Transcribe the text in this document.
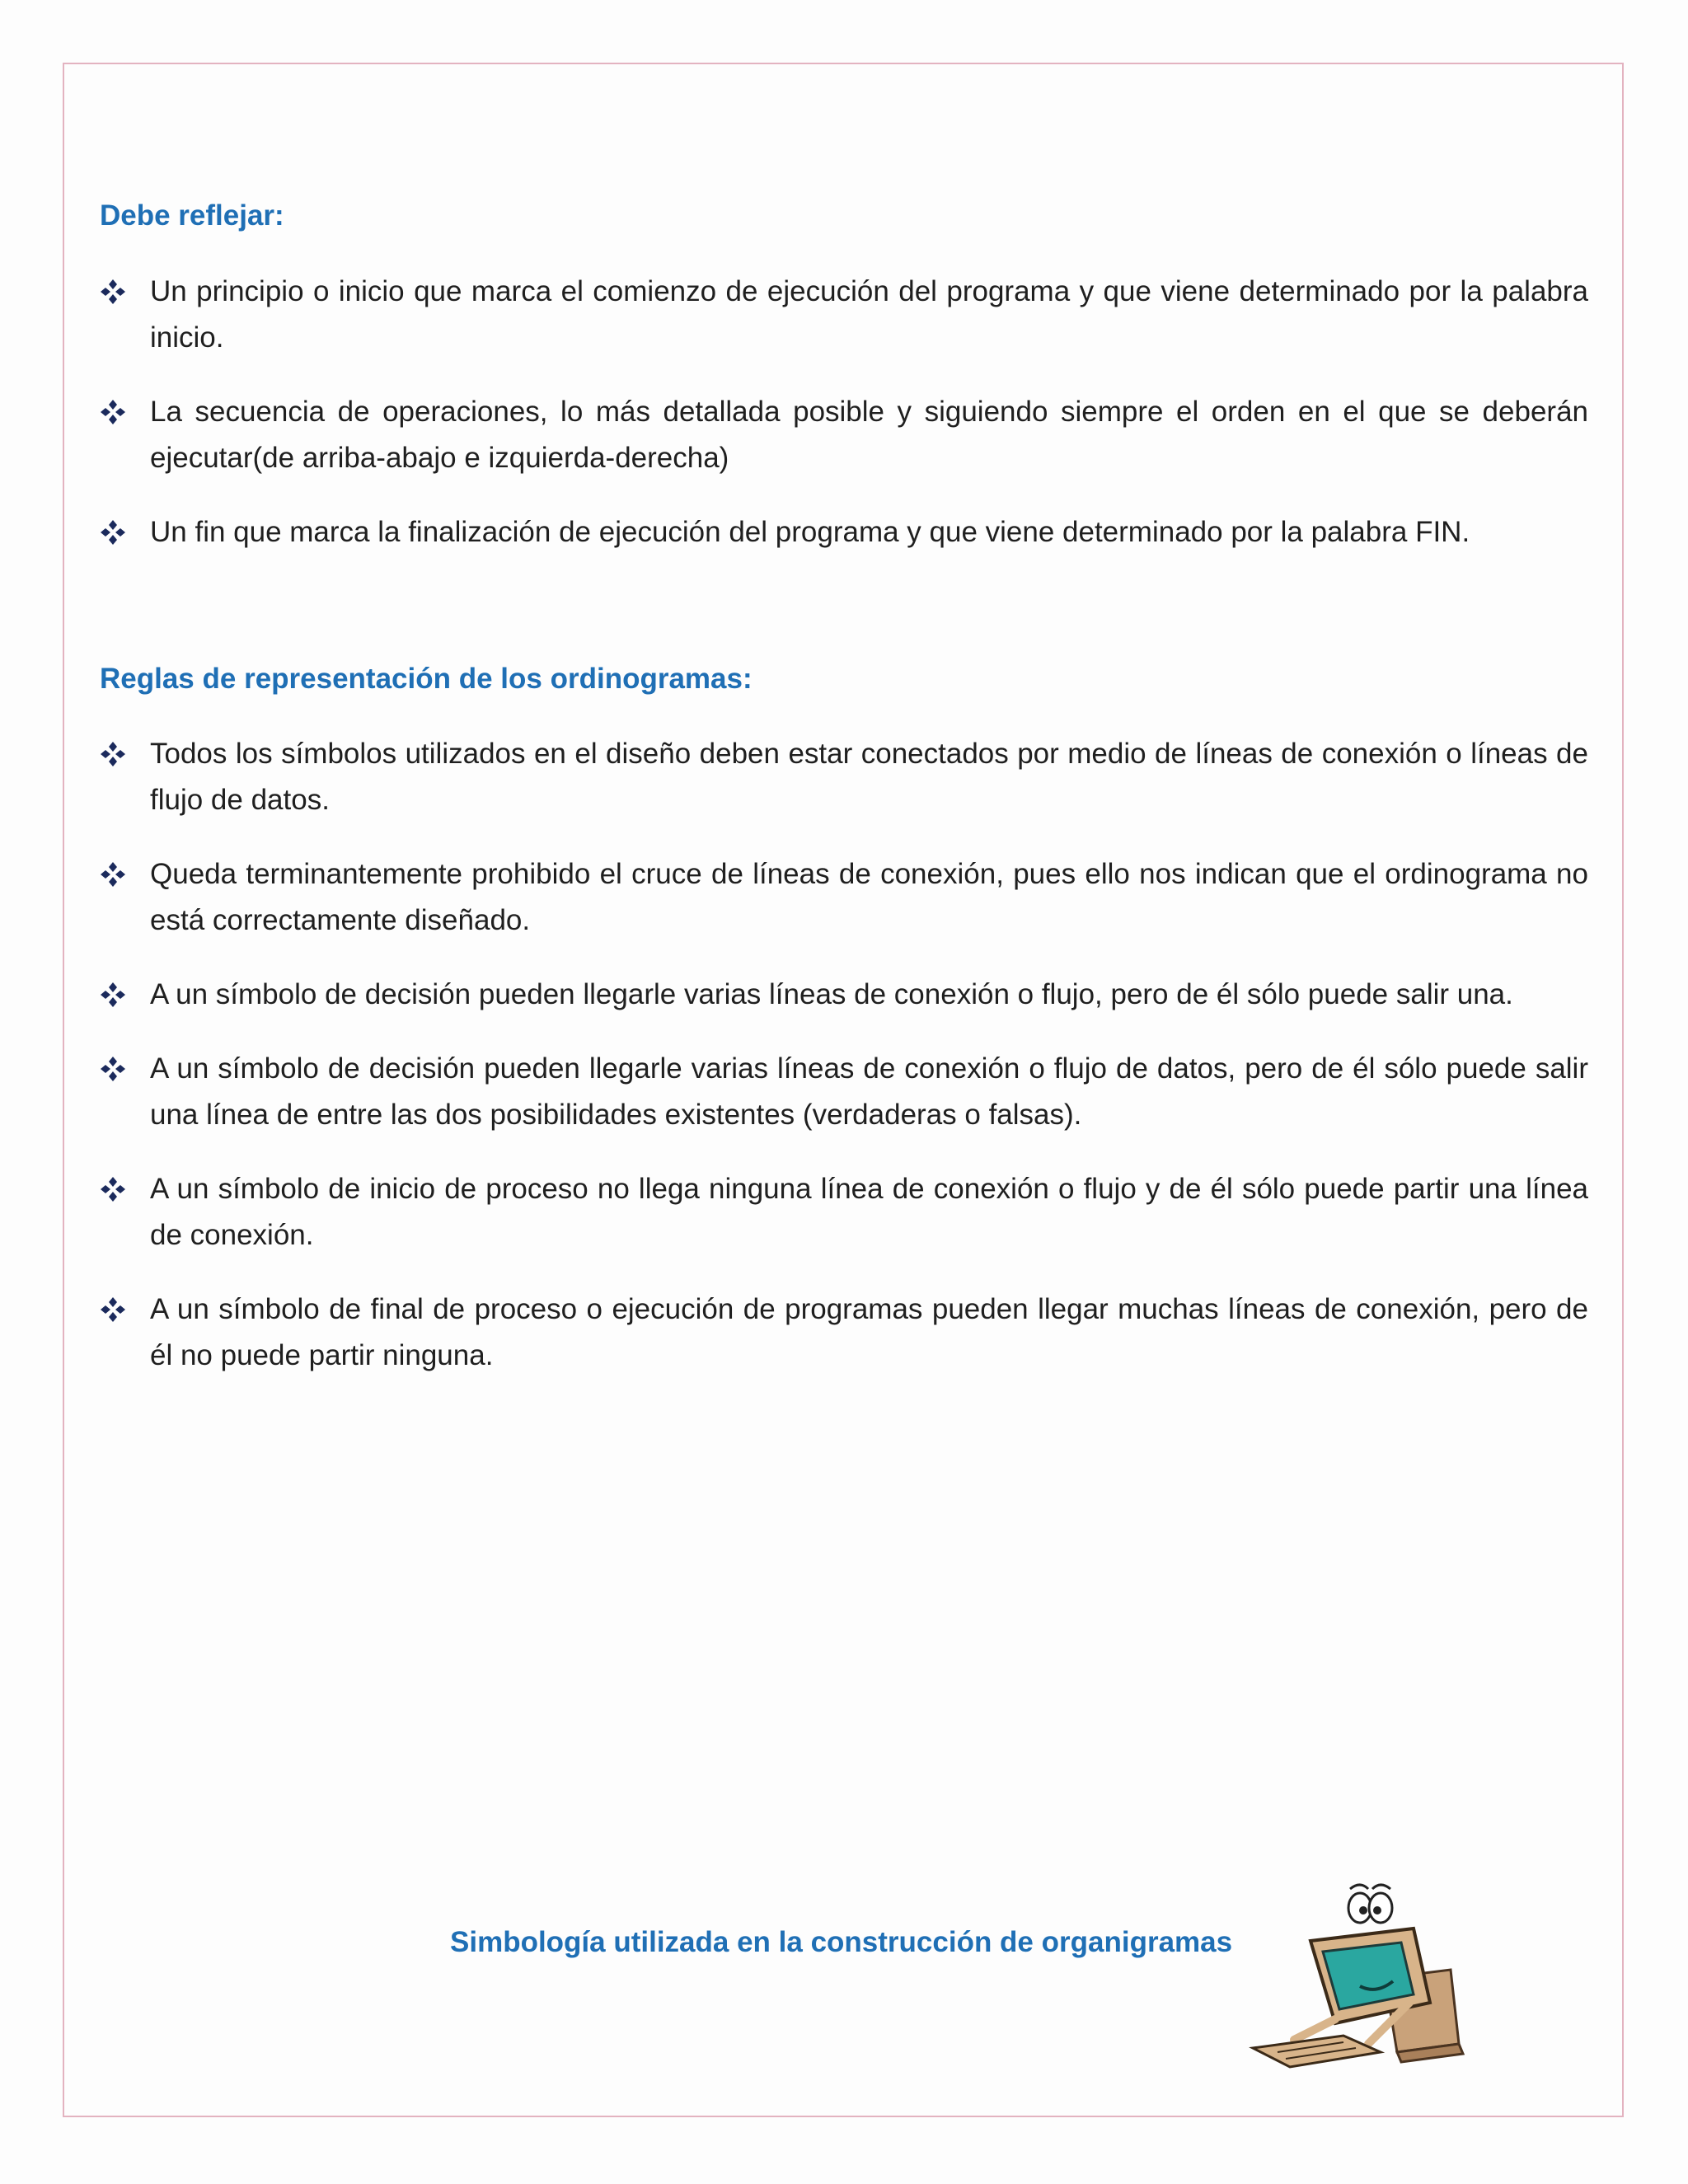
Debe reflejar:
Un principio o inicio que marca el comienzo de ejecución del programa y que viene determinado por la palabra inicio.
La secuencia de operaciones, lo más detallada posible y siguiendo siempre el orden en el que se deberán ejecutar(de arriba-abajo e izquierda-derecha)
Un fin que marca la finalización de ejecución del programa y que viene determinado por la palabra FIN.
Reglas de representación de los ordinogramas:
Todos los símbolos utilizados en el diseño deben estar conectados por medio de líneas de conexión o líneas de flujo de datos.
Queda terminantemente prohibido el cruce de líneas de conexión, pues ello nos indican que el ordinograma no está correctamente diseñado.
A un símbolo de decisión pueden llegarle varias líneas de conexión o flujo, pero de él sólo puede salir una.
A un símbolo de decisión pueden llegarle varias líneas de conexión o flujo de datos, pero de él sólo puede salir una línea de entre las dos posibilidades existentes (verdaderas o falsas).
A un símbolo de inicio de proceso no llega ninguna línea de conexión o flujo y de él sólo puede partir una línea de conexión.
A un símbolo de final de proceso o ejecución de programas pueden llegar muchas líneas de conexión, pero de él no puede partir ninguna.
Simbología utilizada en la construcción de organigramas
